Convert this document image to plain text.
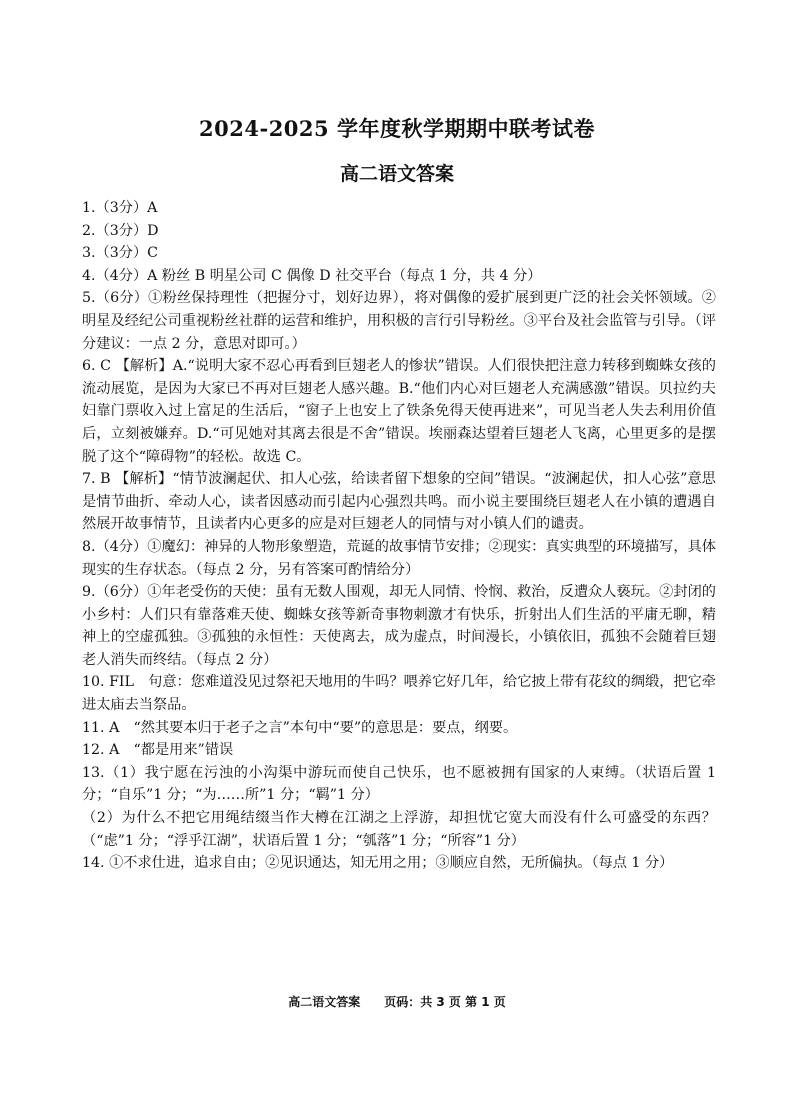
2024-2025 学年度秋学期期中联考试卷
高二语文答案
1.（3分）A
2.（3分）D
3.（3分）C
4.（4分）A 粉丝 B 明星公司 C 偶像 D 社交平台（每点 1 分，共 4 分）
5.（6分）①粉丝保持理性（把握分寸，划好边界），将对偶像的爱扩展到更广泛的社会关怀领域。②明星及经纪公司重视粉丝社群的运营和维护，用积极的言行引导粉丝。③平台及社会监管与引导。（评分建议：一点 2 分，意思对即可。）
6. C 【解析】A.“说明大家不忍心再看到巨翅老人的惨状”错误。人们很快把注意力转移到蜘蛛女孩的流动展览，是因为大家已不再对巨翅老人感兴趣。B.“他们内心对巨翅老人充满感激”错误。贝拉约夫妇靠门票收入过上富足的生活后，“窗子上也安上了铁条免得天使再进来”，可见当老人失去利用价值后，立刻被嫌弃。D.“可见她对其离去很是不舍”错误。埃丽森达望着巨翅老人飞离，心里更多的是摆脱了这个“障碍物”的轻松。故选 C。
7. B 【解析】“情节波澜起伏、扣人心弦，给读者留下想象的空间”错误。“波澜起伏，扣人心弦”意思是情节曲折、牵动人心，读者因感动而引起内心强烈共鸣。而小说主要围绕巨翅老人在小镇的遭遇自然展开故事情节，且读者内心更多的应是对巨翅老人的同情与对小镇人们的谴责。
8.（4分）①魔幻：神异的人物形象塑造，荒诞的故事情节安排；②现实：真实典型的环境描写，具体现实的生存状态。（每点 2 分，另有答案可酌情给分）
9.（6分）①年老受伤的天使：虽有无数人围观，却无人同情、怜悯、救治，反遭众人亵玩。②封闭的小乡村：人们只有靠落难天使、蜘蛛女孩等新奇事物刺激才有快乐，折射出人们生活的平庸无聊，精神上的空虚孤独。③孤独的永恒性：天使离去，成为虚点，时间漫长，小镇依旧，孤独不会随着巨翅老人消失而终结。（每点 2 分）
10. FIL　句意：您难道没见过祭祀天地用的牛吗？喂养它好几年，给它披上带有花纹的绸缎，把它牵进太庙去当祭品。
11. A　“然其要本归于老子之言”本句中“要”的意思是：要点，纲要。
12. A　“都是用来”错误
13.（1）我宁愿在污浊的小沟渠中游玩而使自己快乐，也不愿被拥有国家的人束缚。（状语后置 1 分；“自乐”1 分；“为……所”1 分；“羁”1 分）
（2）为什么不把它用绳结缀当作大樽在江湖之上浮游，却担忧它宽大而没有什么可盛受的东西？（“虑”1 分；“浮乎江湖”，状语后置 1 分；“瓠落”1 分；“所容”1 分）
14. ①不求仕进，追求自由；②见识通达，知无用之用；③顺应自然，无所偏执。（每点 1 分）
高二语文答案　　页码：共 3 页 第 1 页
